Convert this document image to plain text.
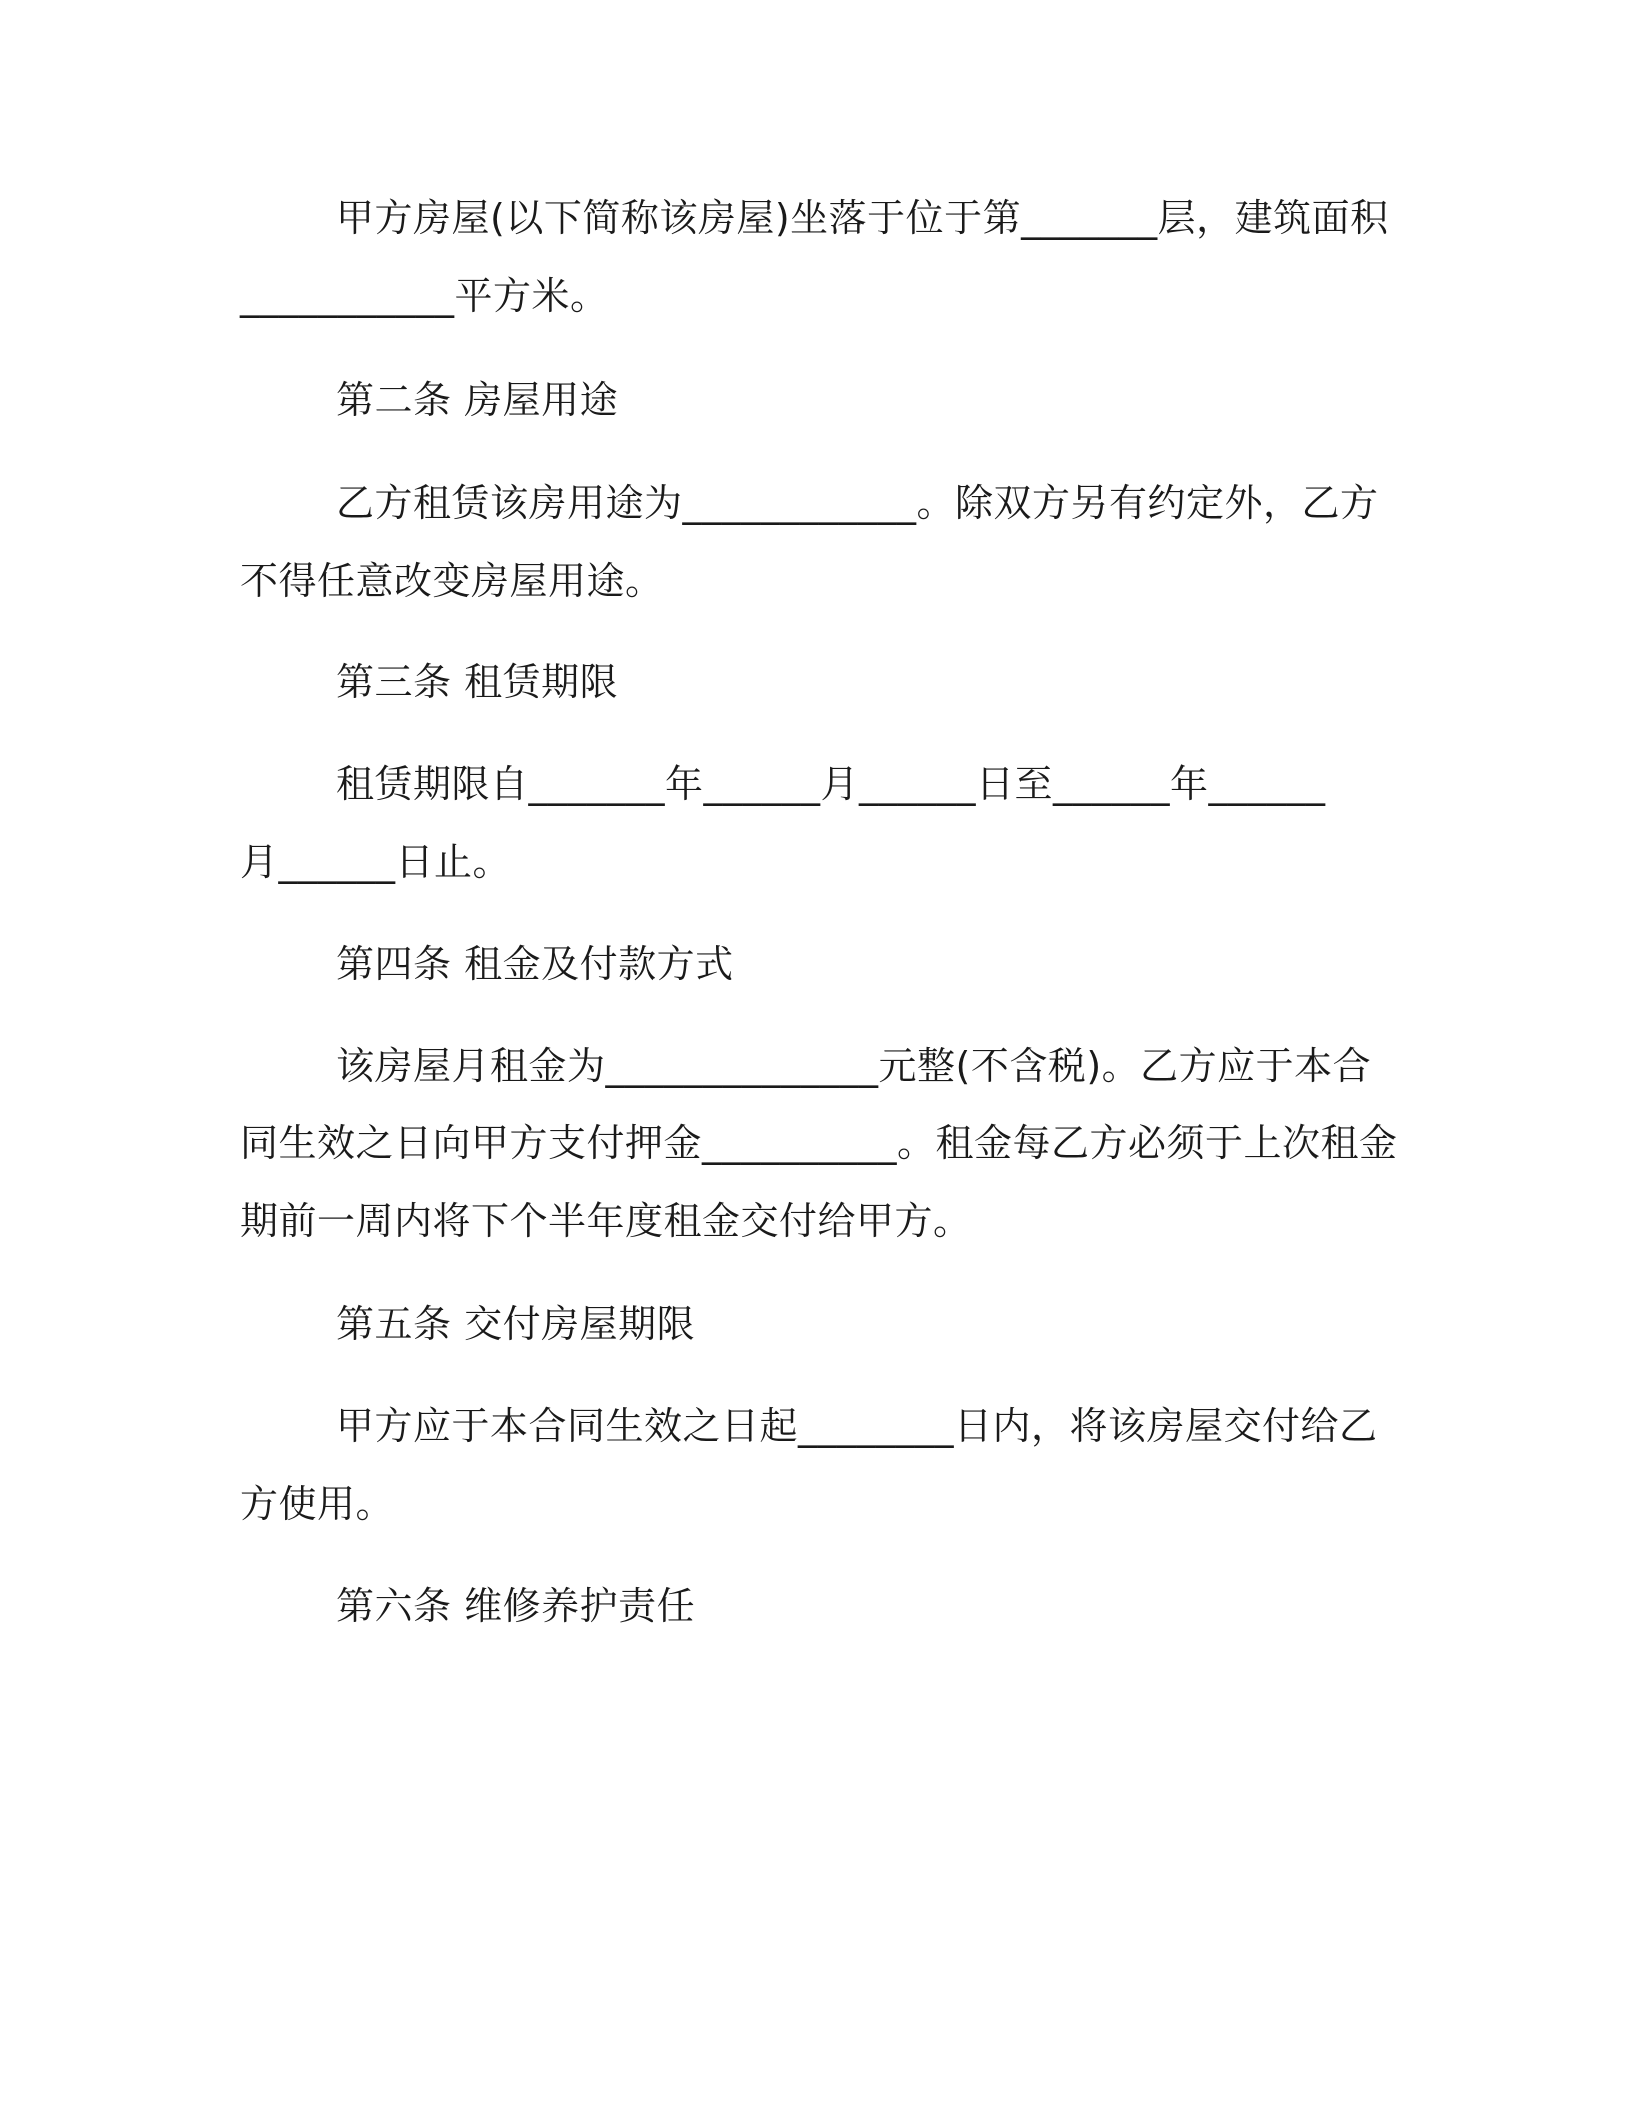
甲方房屋(以下简称该房屋)坐落于位于第_______层，建筑面积
___________平方米。
第二条 房屋用途
乙方租赁该房用途为____________。除双方另有约定外，乙方
不得任意改变房屋用途。
第三条 租赁期限
租赁期限自_______年______月______日至______年______
月______日止。
第四条 租金及付款方式
该房屋月租金为______________元整(不含税)。乙方应于本合
同生效之日向甲方支付押金__________。租金每乙方必须于上次租金
期前一周内将下个半年度租金交付给甲方。
第五条 交付房屋期限
甲方应于本合同生效之日起________日内，将该房屋交付给乙
方使用。
第六条 维修养护责任
